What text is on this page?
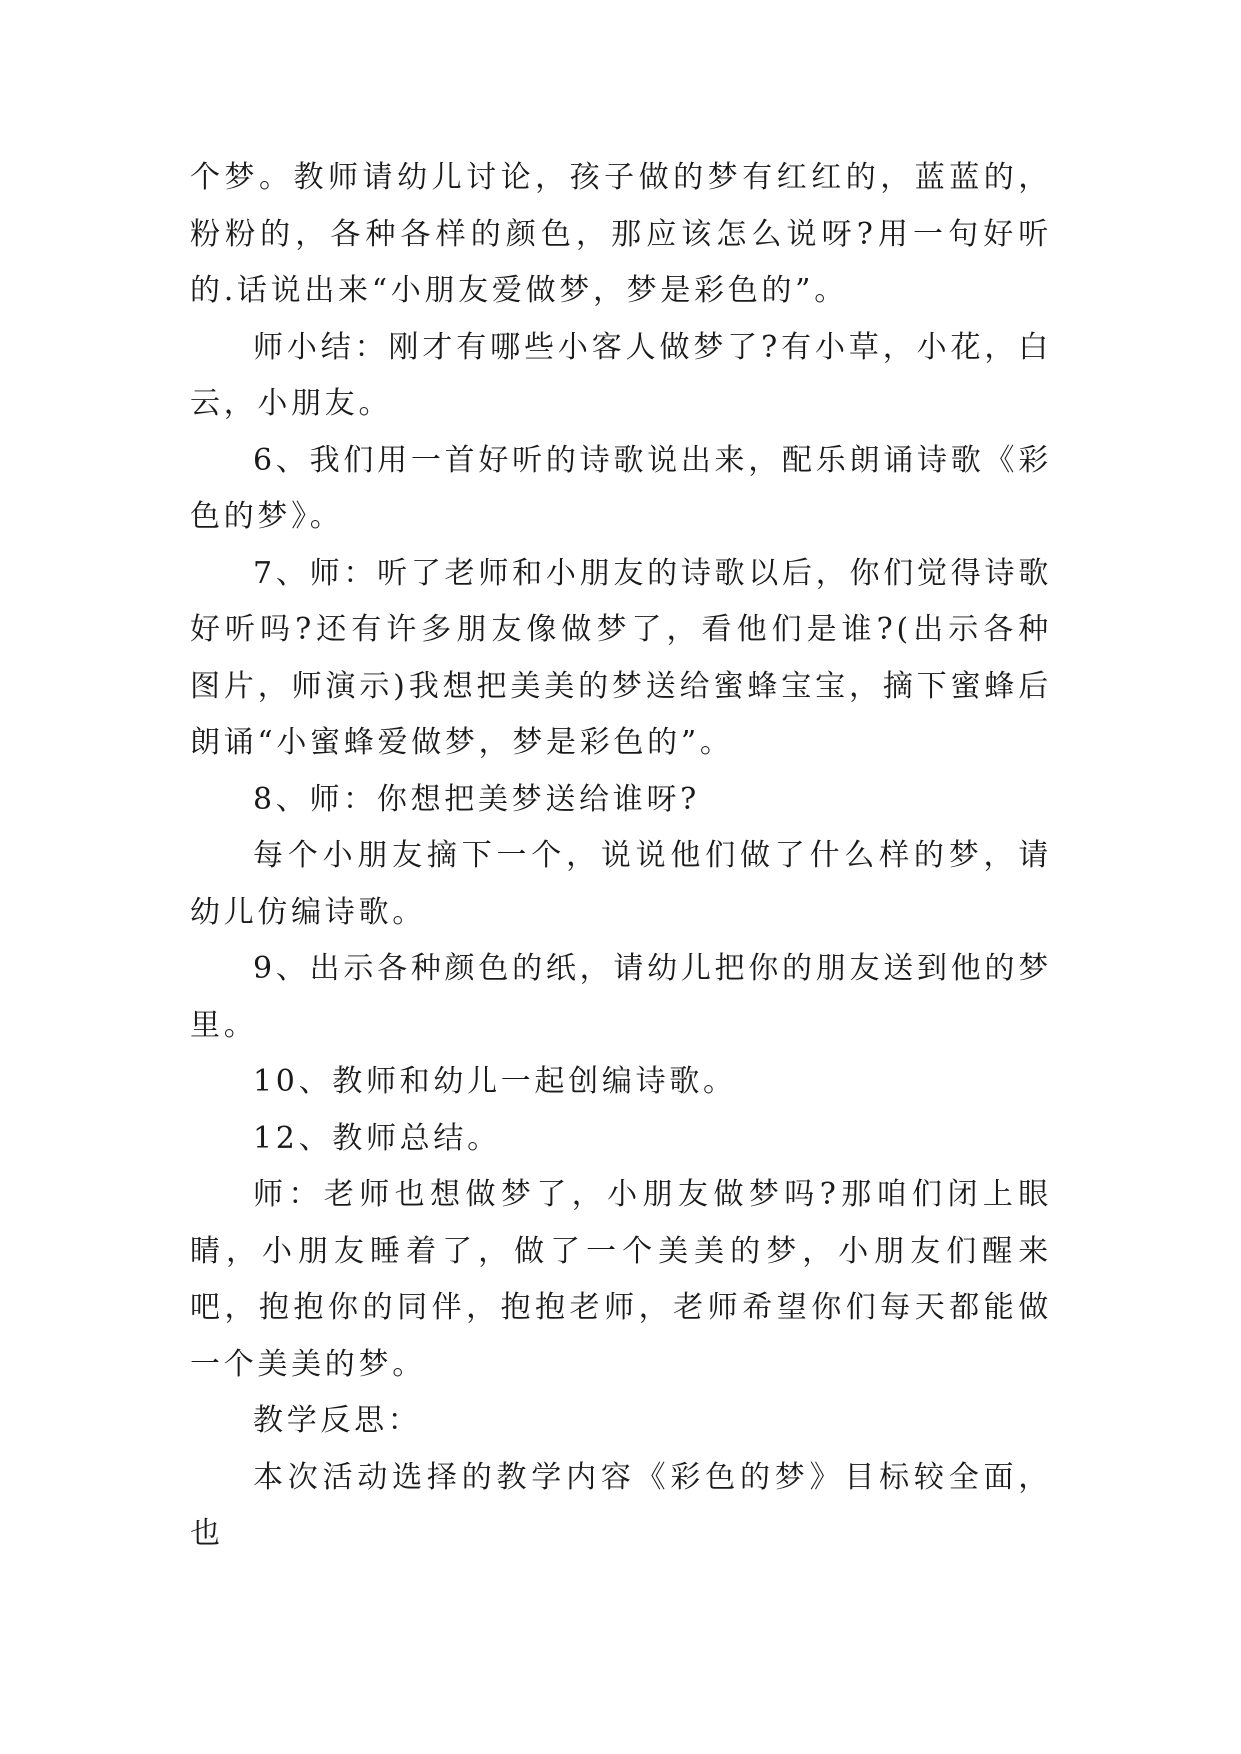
个梦。教师请幼儿讨论，孩子做的梦有红红的，蓝蓝的，粉粉的，各种各样的颜色，那应该怎么说呀?用一句好听的.话说出来“小朋友爱做梦，梦是彩色的”。

师小结：刚才有哪些小客人做梦了?有小草，小花，白云，小朋友。

6、我们用一首好听的诗歌说出来，配乐朗诵诗歌《彩色的梦》。

7、师：听了老师和小朋友的诗歌以后，你们觉得诗歌好听吗?还有许多朋友像做梦了，看他们是谁?(出示各种图片，师演示)我想把美美的梦送给蜜蜂宝宝，摘下蜜蜂后朗诵“小蜜蜂爱做梦，梦是彩色的”。

8、师：你想把美梦送给谁呀?

每个小朋友摘下一个，说说他们做了什么样的梦，请幼儿仿编诗歌。

9、出示各种颜色的纸，请幼儿把你的朋友送到他的梦里。

10、教师和幼儿一起创编诗歌。

12、教师总结。

师：老师也想做梦了，小朋友做梦吗?那咱们闭上眼睛，小朋友睡着了，做了一个美美的梦，小朋友们醒来吧，抱抱你的同伴，抱抱老师，老师希望你们每天都能做一个美美的梦。

教学反思：

本次活动选择的教学内容《彩色的梦》目标较全面，也
